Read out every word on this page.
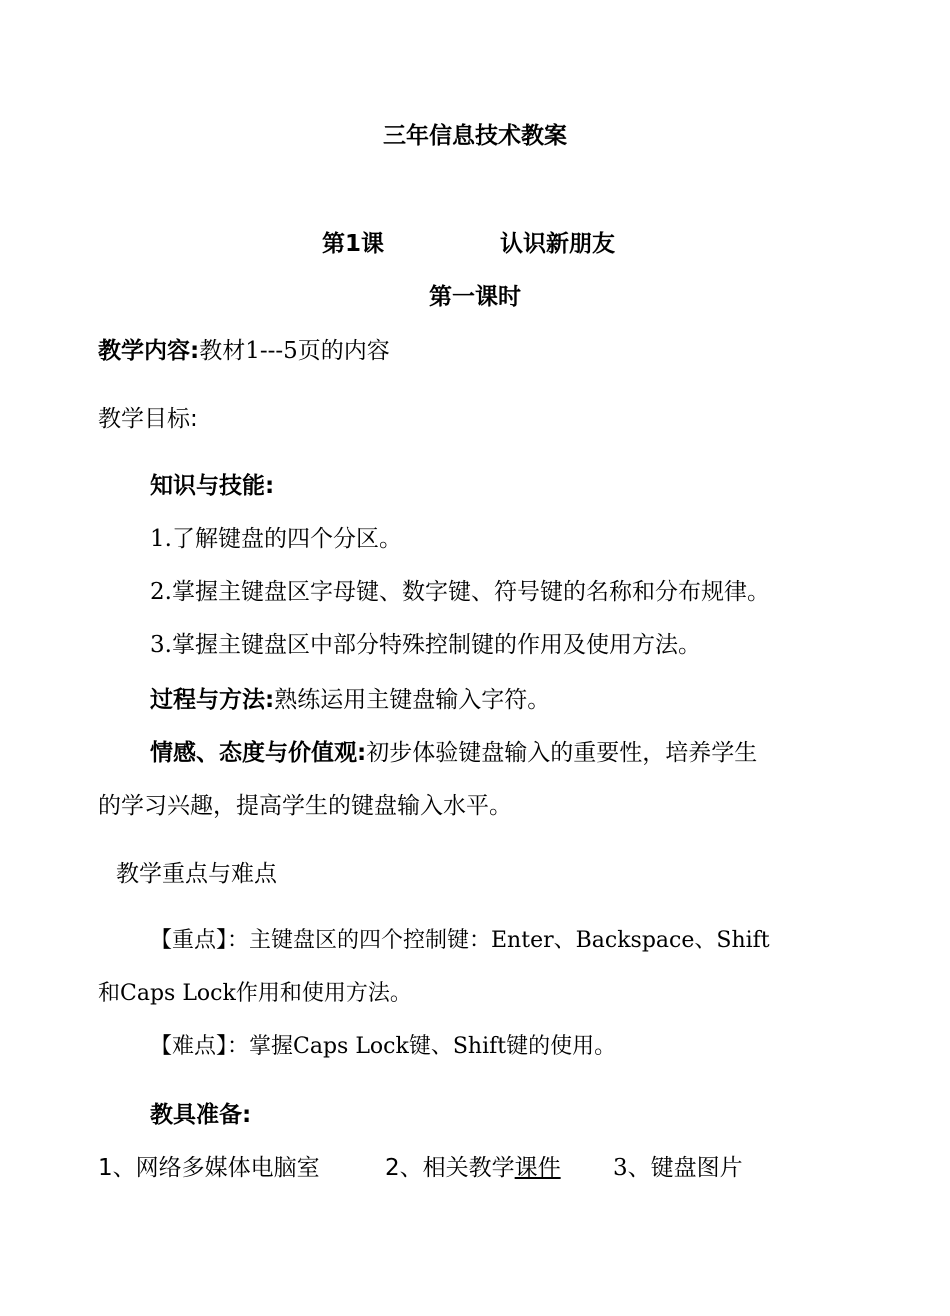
三年信息技术教案
第1课	认识新朋友
第一课时
教学内容:教材1---5页的内容
教学目标:
知识与技能:
1.了解键盘的四个分区。
2.掌握主键盘区字母键、数字键、符号键的名称和分布规律。
3.掌握主键盘区中部分特殊控制键的作用及使用方法。
过程与方法:熟练运用主键盘输入字符。
情感、态度与价值观:初步体验键盘输入的重要性，培养学生
的学习兴趣，提高学生的键盘输入水平。
教学重点与难点
【重点】：主键盘区的四个控制键：Enter、Backspace、Shift
和Caps Lock作用和使用方法。
【难点】：掌握Caps Lock键、Shift键的使用。
教具准备:
1、网络多媒体电脑室	2、相关教学课件 3、键盘图片
